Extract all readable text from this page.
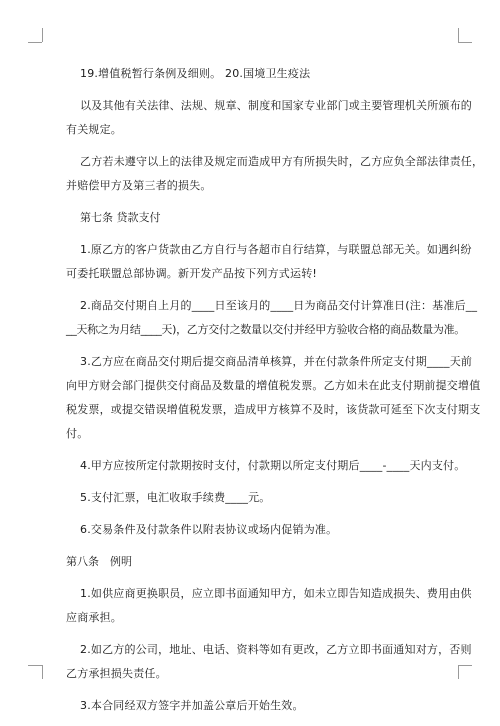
19.增值税暂行条例及细则。 20.国境卫生疫法

以及其他有关法律、法规、规章、制度和国家专业部门或主要管理机关所颁布的
有关规定。

乙方若未遵守以上的法律及规定而造成甲方有所损失时，乙方应负全部法律责任，
并赔偿甲方及第三者的损失。

第七条 贷款支付

1.原乙方的客户货款由乙方自行与各超市自行结算，与联盟总部无关。如遇纠纷
可委托联盟总部协调。新开发产品按下列方式运转!

2.商品交付期自上月的____日至该月的____日为商品交付计算准日(注：基准后__
__天称之为月结____天)，乙方交付之数量以交付并经甲方验收合格的商品数量为准。

3.乙方应在商品交付期后提交商品清单核算，并在付款条件所定支付期____天前
向甲方财会部门提供交付商品及数量的增值税发票。乙方如未在此支付期前提交增值
税发票，或提交错误增值税发票，造成甲方核算不及时，该货款可延至下次支付期支
付。

4.甲方应按所定付款期按时支付，付款期以所定支付期后____-____天内支付。

5.支付汇票，电汇收取手续费____元。

6.交易条件及付款条件以附表协议或场内促销为准。

第八条　例明

1.如供应商更换职员，应立即书面通知甲方，如未立即告知造成损失、费用由供
应商承担。

2.如乙方的公司，地址、电话、资料等如有更改，乙方立即书面通知对方，否则
乙方承担损失责任。

3.本合同经双方签字并加盖公章后开始生效。
